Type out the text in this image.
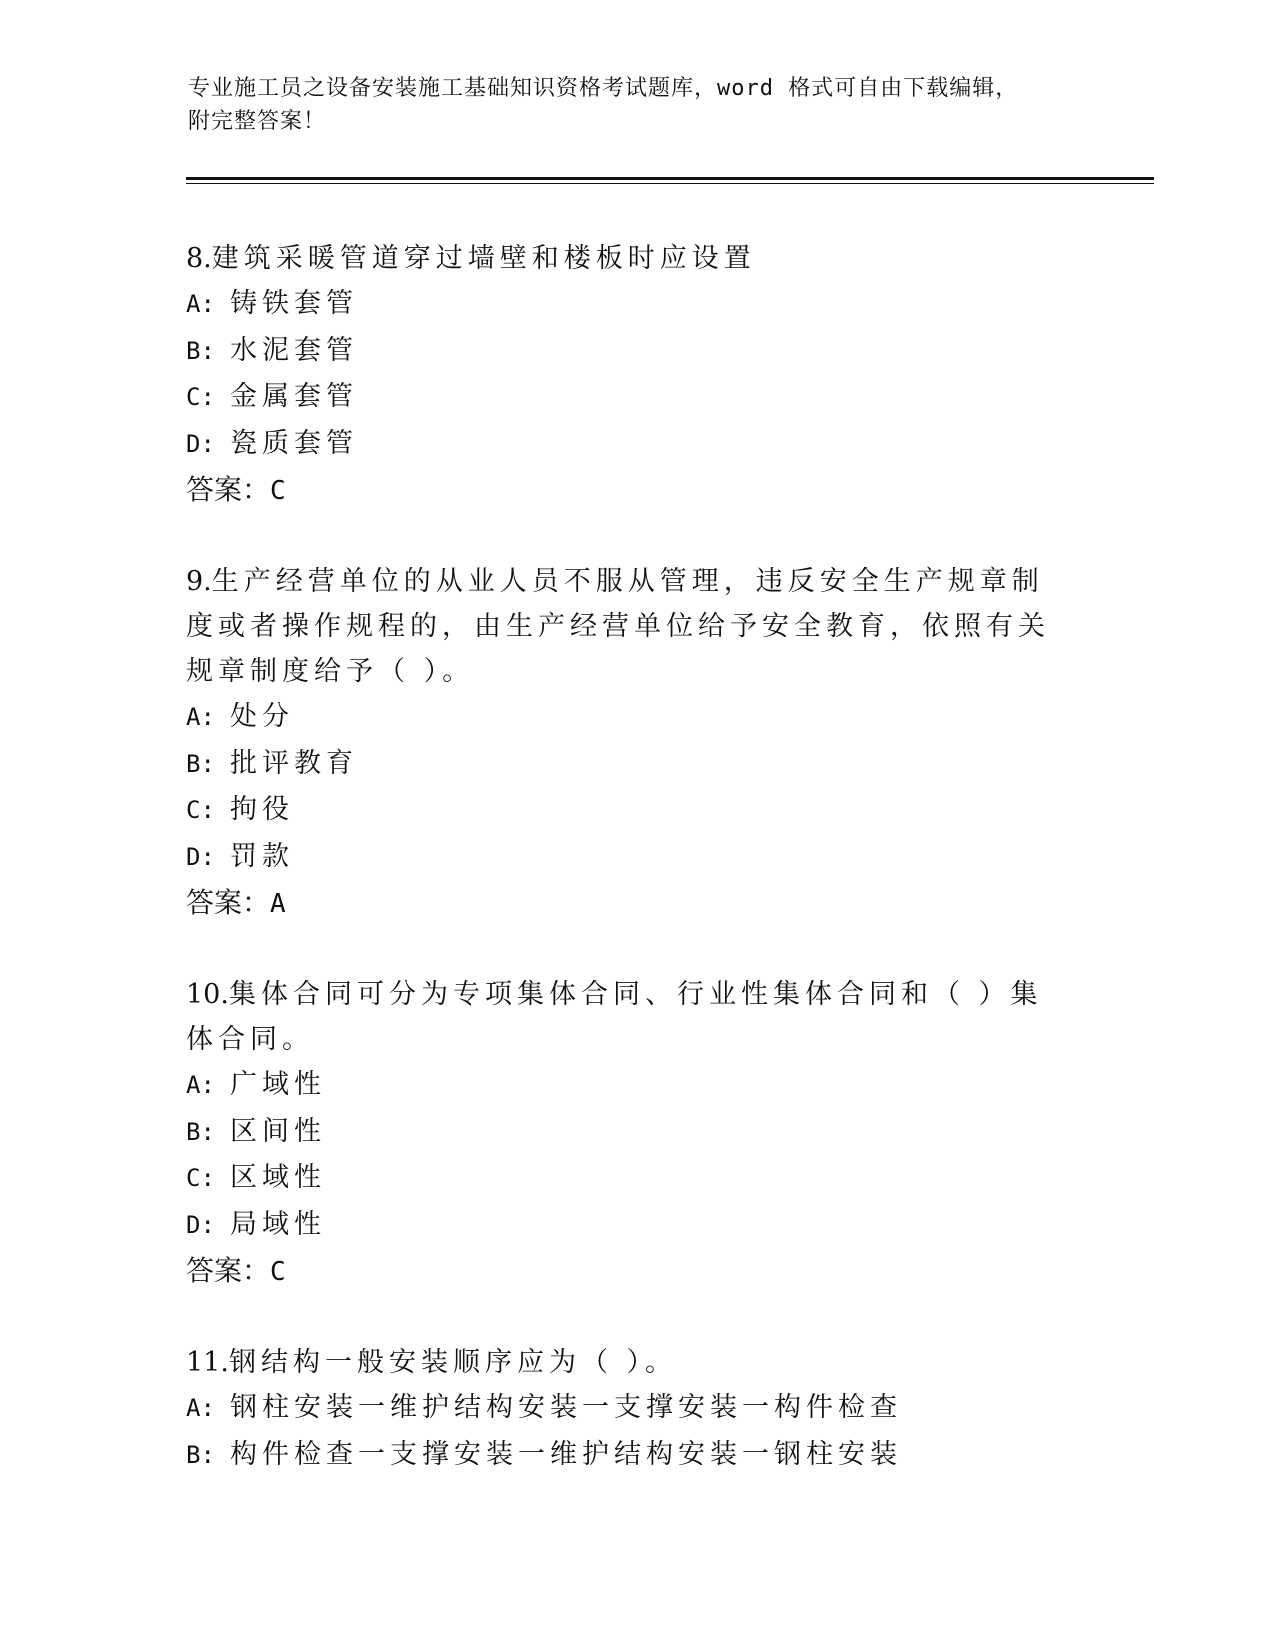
专业施工员之设备安装施工基础知识资格考试题库，word 格式可自由下载编辑，
附完整答案！

8.建筑采暖管道穿过墙壁和楼板时应设置

A: 铸铁套管

B: 水泥套管

C: 金属套管

D: 瓷质套管

答案：C

9.生产经营单位的从业人员不服从管理，违反安全生产规章制度或者操作规程的，由生产经营单位给予安全教育，依照有关规章制度给予（ ）。

A: 处分

B: 批评教育

C: 拘役

D: 罚款

答案：A

10.集体合同可分为专项集体合同、行业性集体合同和（ ）集体合同。

A: 广域性

B: 区间性

C: 区域性

D: 局域性

答案：C

11.钢结构一般安装顺序应为（ ）。

A: 钢柱安装一维护结构安装一支撑安装一构件检查

B: 构件检查一支撑安装一维护结构安装一钢柱安装
